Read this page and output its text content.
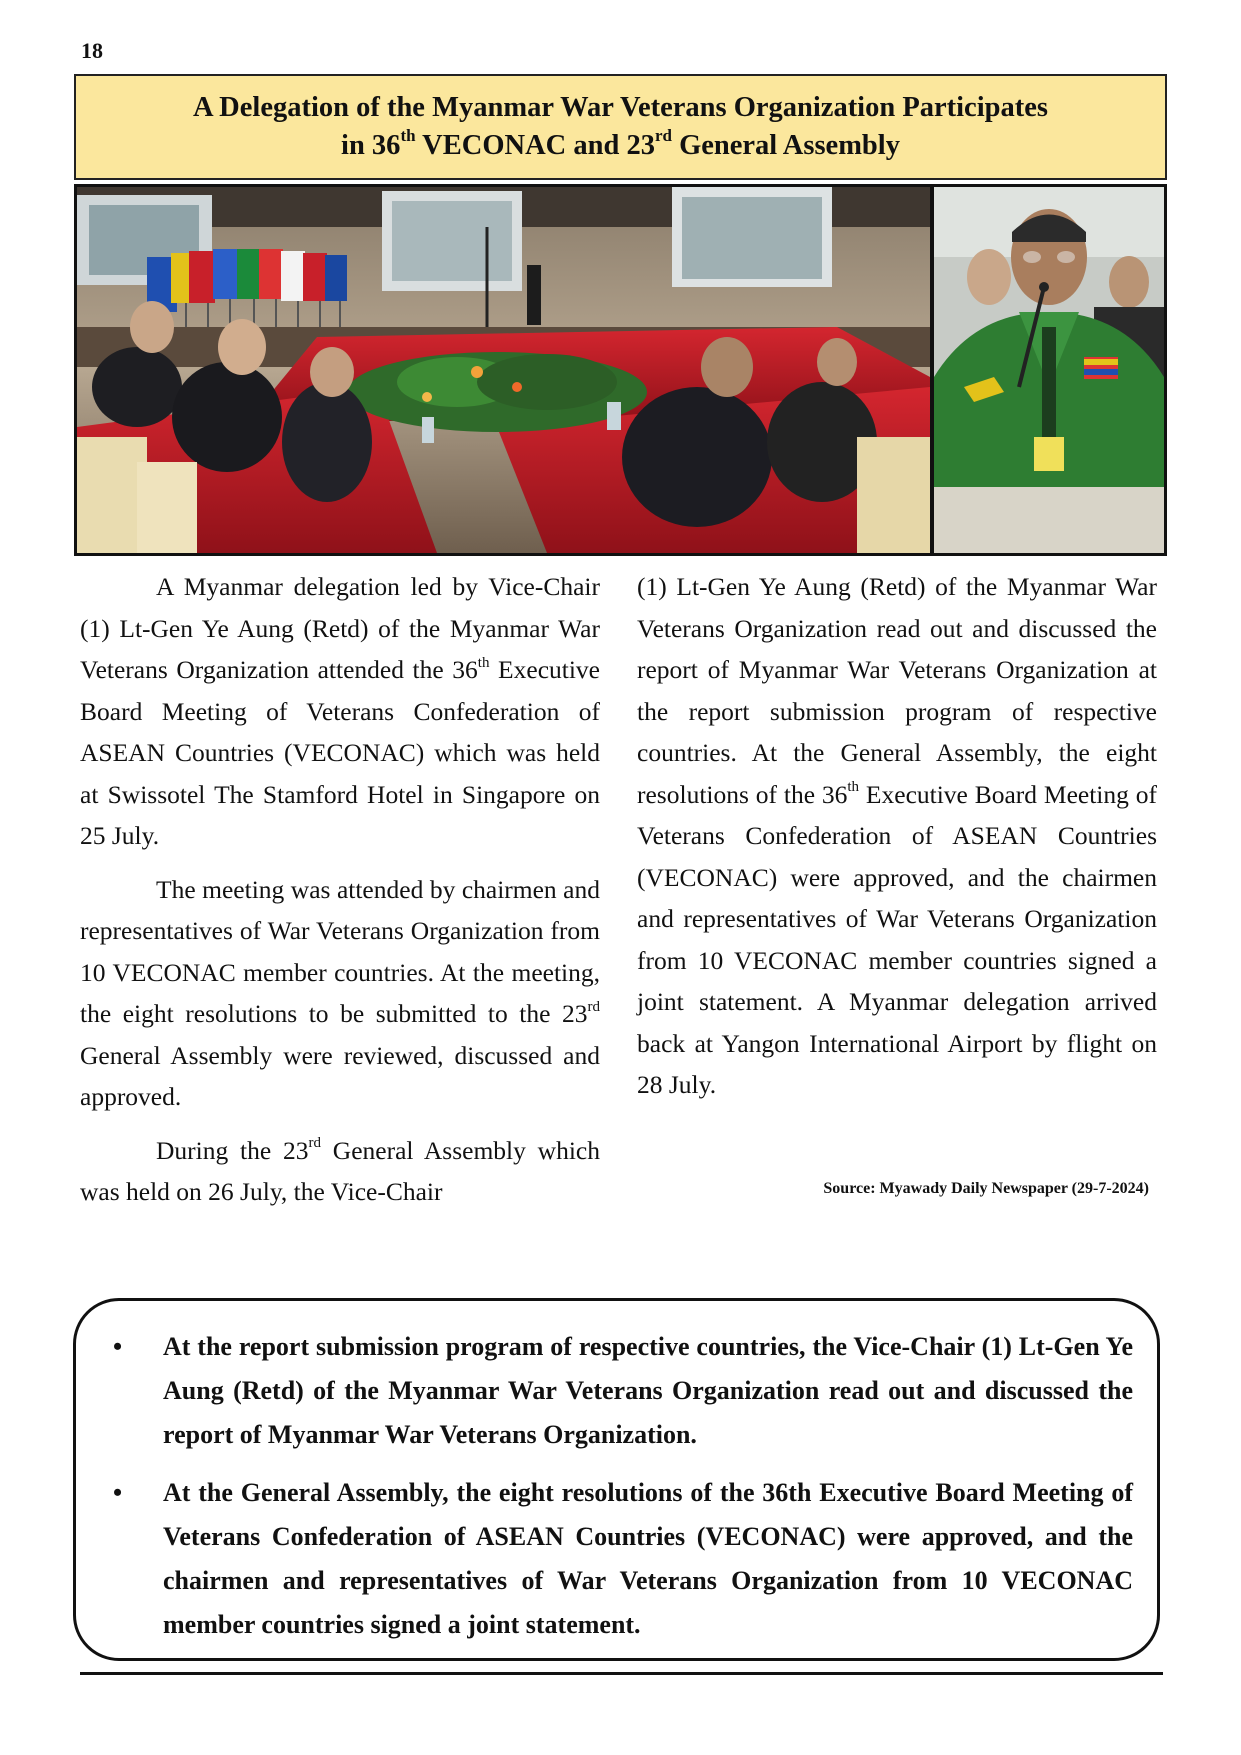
18
A Delegation of the Myanmar War Veterans Organization Participates
in 36th VECONAC and 23rd General Assembly

A Myanmar delegation led by Vice-Chair (1) Lt-Gen Ye Aung (Retd) of the Myanmar War Veterans Organization attended the 36th Executive Board Meeting of Veterans Confederation of ASEAN Countries (VECONAC) which was held at Swissotel The Stamford Hotel in Singapore on 25 July.

The meeting was attended by chairmen and representatives of War Veterans Organization from 10 VECONAC member countries. At the meeting, the eight resolutions to be submitted to the 23rd General Assembly were reviewed, discussed and approved.

During the 23rd General Assembly which was held on 26 July, the Vice-Chair

(1) Lt-Gen Ye Aung (Retd) of the Myanmar War Veterans Organization read out and discussed the report of Myanmar War Veterans Organization at the report submission program of respective countries. At the General Assembly, the eight resolutions of the 36th Executive Board Meeting of Veterans Confederation of ASEAN Countries (VECONAC) were approved, and the chairmen and representatives of War Veterans Organization from 10 VECONAC member countries signed a joint statement. A Myanmar delegation arrived back at Yangon International Airport by flight on 28 July.

Source: Myawady Daily Newspaper (29-7-2024)
• At the report submission program of respective countries, the Vice-Chair (1) Lt-Gen Ye Aung (Retd) of the Myanmar War Veterans Organization read out and discussed the report of Myanmar War Veterans Organization.
• At the General Assembly, the eight resolutions of the 36th Executive Board Meeting of Veterans Confederation of ASEAN Countries (VECONAC) were approved, and the chairmen and representatives of War Veterans Organization from 10 VECONAC member countries signed a joint statement.
